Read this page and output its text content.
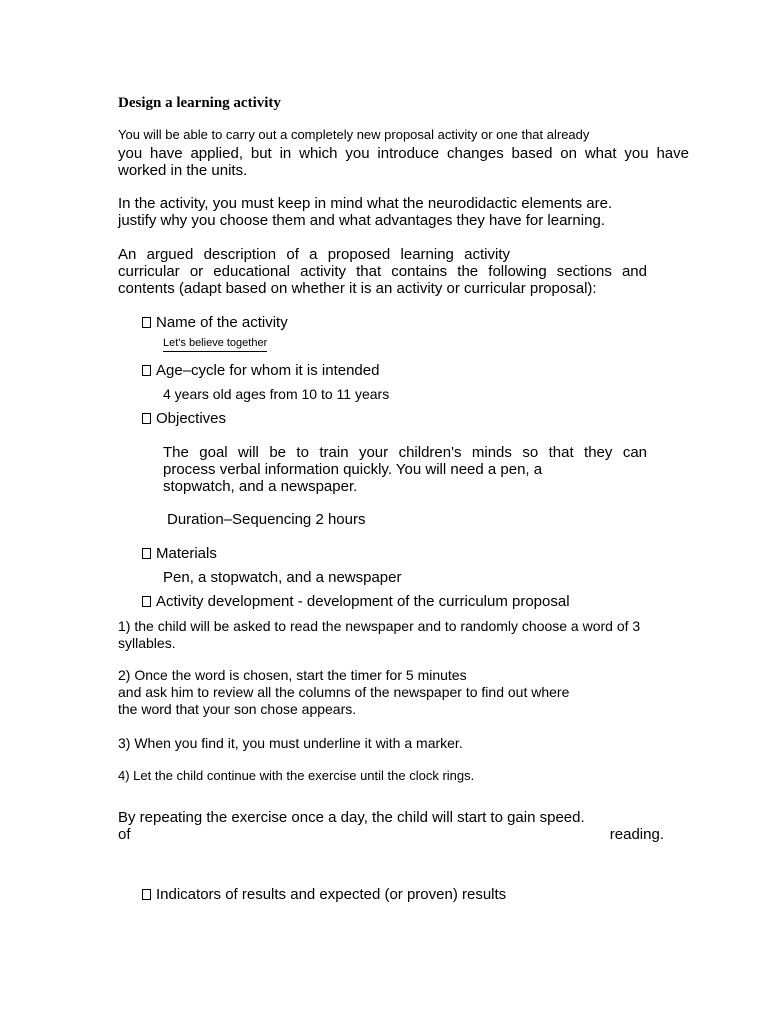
Design a learning activity

You will be able to carry out a completely new proposal activity or one that already

you have applied, but in which you introduce changes based on what you have

worked in the units.

In the activity, you must keep in mind what the neurodidactic elements are.

justify why you choose them and what advantages they have for learning.

An argued description of a proposed learning activity

curricular or educational activity that contains the following sections and

contents (adapt based on whether it is an activity or curricular proposal):

Name of the activity

Let's believe together

Age–cycle for whom it is intended

4 years old ages from 10 to 11 years

Objectives

The goal will be to train your children's minds so that they can

process verbal information quickly. You will need a pen, a

stopwatch, and a newspaper.

Duration–Sequencing 2 hours

Materials

Pen, a stopwatch, and a newspaper

Activity development - development of the curriculum proposal

1) the child will be asked to read the newspaper and to randomly choose a word of 3

syllables.

2) Once the word is chosen, start the timer for 5 minutes

and ask him to review all the columns of the newspaper to find out where

the word that your son chose appears.

3) When you find it, you must underline it with a marker.

4) Let the child continue with the exercise until the clock rings.

By repeating the exercise once a day, the child will start to gain speed.

of	reading.

Indicators of results and expected (or proven) results
